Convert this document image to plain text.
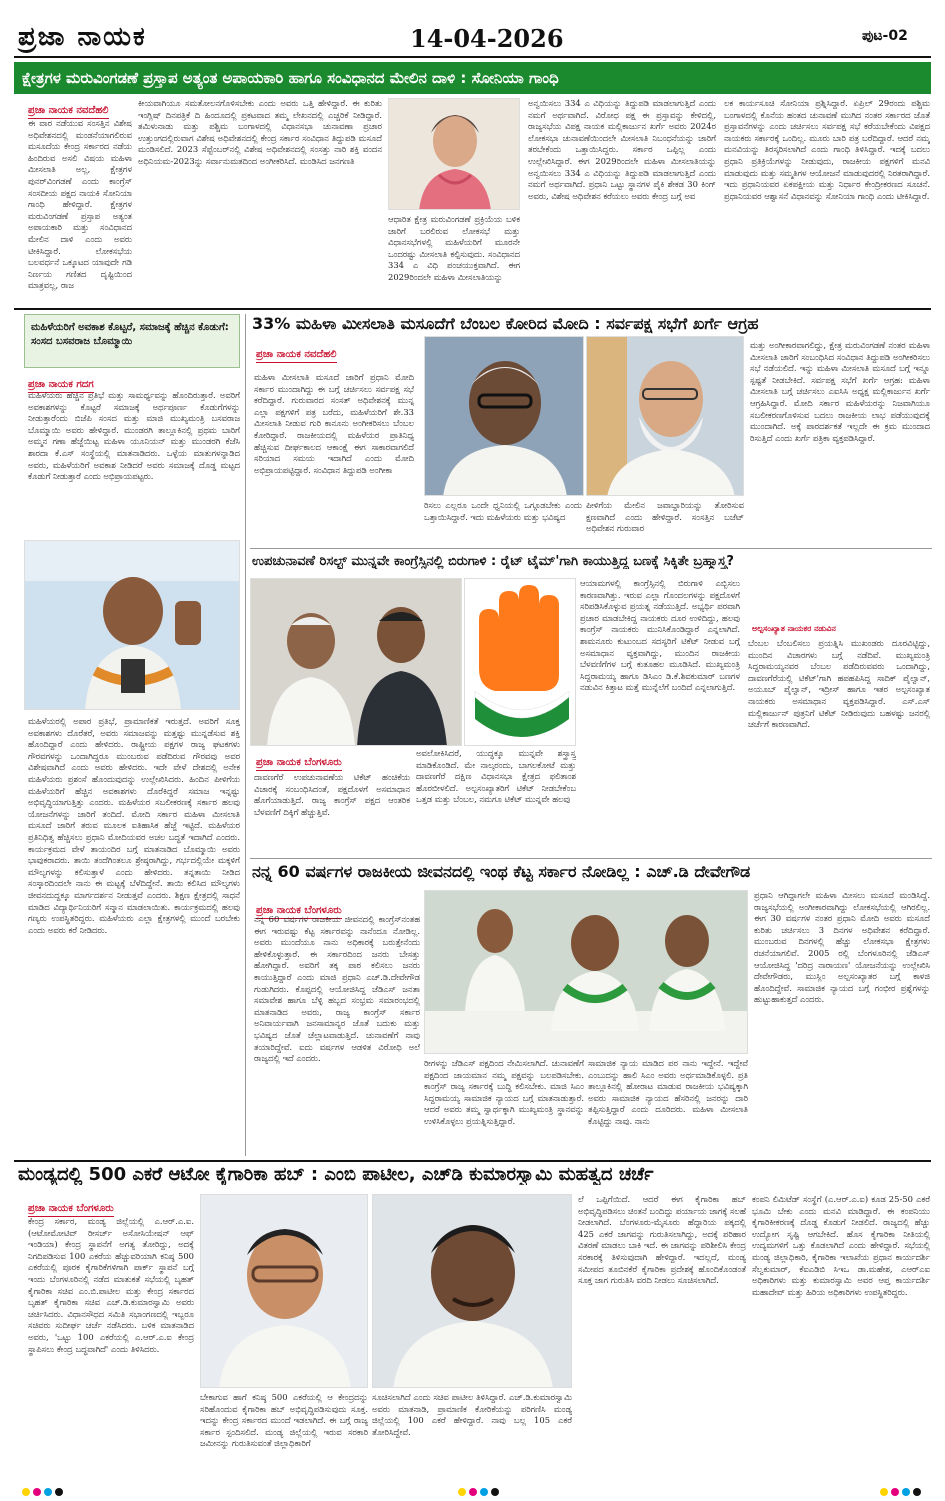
ಪ್ರಜಾ ನಾಯಕ	14-04-2026	ಪುಟ-02
ಕ್ಷೇತ್ರಗಳ ಮರುವಿಂಗಡಣೆ ಪ್ರಸ್ತಾಪ ಅತ್ಯಂತ ಅಪಾಯಕಾರಿ ಹಾಗೂ ಸಂವಿಧಾನದ ಮೇಲಿನ ದಾಳಿ : ಸೋನಿಯಾ ಗಾಂಧಿ
ಪ್ರಜಾ ನಾಯಕ ನವದೆಹಲಿ
ಈ ವಾರ ನಡೆಯುವ ಸಂಸತ್ತಿನ ವಿಶೇಷ ಅಧಿವೇಶನದಲ್ಲಿ ಮಂಡನೆಯಾಗಲಿರುವ ಮಸೂದೆಯ ಕೇಂದ್ರ ಸರ್ಕಾರದ ನಡೆಯ ಹಿಂದಿರುವ ಅಸಲಿ ವಿಷಯ ಮಹಿಳಾ ಮೀಸಲಾತಿ ಅಲ್ಲ, ಕ್ಷೇತ್ರಗಳ ಪುನರ್‌ವಿಂಗಡಣೆ ಎಂದು ಕಾಂಗ್ರೆಸ್ ಸಂಸದೀಯ ಪಕ್ಷದ ನಾಯಕಿ ಸೋನಿಯಾ ಗಾಂಧಿ ಹೇಳಿದ್ದಾರೆ. ಕ್ಷೇತ್ರಗಳ ಮರುವಿಂಗಡಣೆ ಪ್ರಸ್ತಾಪ ಅತ್ಯಂತ ಅಪಾಯಕಾರಿ ಮತ್ತು ಸಂವಿಧಾನದ ಮೇಲಿನ ದಾಳಿ ಎಂದು ಅವರು ಟೀಕಿಸಿದ್ದಾರೆ. ಲೋಕಸಭೆಯ ಬಲವರ್ಧನೆ ಒಕ್ಕೂಟದ ಯಾವುದೇ ಗಡಿ ನಿರ್ಣಯ ಗಣಿತದ ದೃಷ್ಟಿಯಿಂದ ಮಾತ್ರವಲ್ಲ, ರಾಜ
ಕೀಯವಾಗಿಯೂ ಸಮತೋಲನಗೊಳಿಸಬೇಕು ಎಂದು ಅವರು ಒತ್ತಿ ಹೇಳಿದ್ದಾರೆ. ಈ ಕುರಿತು ಇಂಗ್ಲಿಷ್ ದಿನಪತ್ರಿಕೆ ದಿ ಹಿಂದೂದಲ್ಲಿ ಪ್ರಕಟವಾದ ತಮ್ಮ ಲೇಖನದಲ್ಲಿ ಎಚ್ಚರಿಕೆ ನೀಡಿದ್ದಾರೆ. ತಮಿಳುನಾಡು ಮತ್ತು ಪಶ್ಚಿಮ ಬಂಗಾಳದಲ್ಲಿ ವಿಧಾನಸಭಾ ಚುನಾವಣಾ ಪ್ರಚಾರ ಉತ್ತುಂಗದಲ್ಲಿರುವಾಗ ವಿಶೇಷ ಅಧಿವೇಶನದಲ್ಲಿ ಕೇಂದ್ರ ಸರ್ಕಾರ ಸಂವಿಧಾನ ತಿದ್ದುಪಡಿ ಮಸೂದೆ ಮಂಡಿಸಲಿದೆ. 2023 ಸೆಪ್ಟೆಂಬರ್‌ನಲ್ಲಿ ವಿಶೇಷ ಅಧಿವೇಶನದಲ್ಲಿ ಸಂಸತ್ತು ನಾರಿ ಶಕ್ತಿ ವಂದನ ಅಧಿನಿಯಮ-2023ನ್ನು ಸರ್ವಾನುಮತದಿಂದ ಅಂಗೀಕರಿಸಿದೆ. ಮಂಡಿಸಿದ ಜನಗಣತಿ
ಆಧಾರಿತ ಕ್ಷೇತ್ರ ಮರುವಿಂಗಡಣೆ ಪ್ರಕ್ರಿಯೆಯ ಬಳಿಕ ಜಾರಿಗೆ ಬರಲಿರುವ ಲೋಕಸಭೆ ಮತ್ತು ವಿಧಾನಸಭೆಗಳಲ್ಲಿ ಮಹಿಳೆಯರಿಗೆ ಮೂರನೇ ಒಂದರಷ್ಟು ಮೀಸಲಾತಿ ಕಲ್ಪಿಸುವುದು. ಸಂವಿಧಾನದ 334 ಎ ವಿಧಿ ಪಂಚಯುಕ್ತವಾಗಿದೆ. ಈಗ 2029ರಿಂದಲೇ ಮಹಿಳಾ ಮೀಸಲಾತಿಯನ್ನು
ಅನ್ವಯಿಸಲು 334 ಎ ವಿಧಿಯನ್ನು ತಿದ್ದುಪಡಿ ಮಾಡಲಾಗುತ್ತಿದೆ ಎಂದು ನಮಗೆ ಅರ್ಥವಾಗಿದೆ. ವಿರೋಧ ಪಕ್ಷ ಈ ಪ್ರಸ್ತಾವನ್ನು ಕೇಳಿದಲ್ಲಿ, ರಾಜ್ಯಸಭೆಯ ವಿಪಕ್ಷ ನಾಯಕ ಮಲ್ಲಿಕಾರ್ಜುನ ಖರ್ಗೆ ಅವರು 2024ರ ಲೋಕಸಭಾ ಚುನಾವಣೆಯಿಂದಲೇ ಮೀಸಲಾತಿ ನಿಬಂಧನೆಯನ್ನು ಜಾರಿಗೆ ತರಬೇಕೆಂದು ಒತ್ತಾಯಿಸಿದ್ದರು. ಸರ್ಕಾರ ಒಪ್ಪಿಲ್ಲ ಎಂದು ಉಲ್ಲೇಖಿಸಿದ್ದಾರೆ. ಈಗ 2029ರಿಂದಲೇ ಮಹಿಳಾ ಮೀಸಲಾತಿಯನ್ನು ಅನ್ವಯಿಸಲು 334 ಎ ವಿಧಿಯನ್ನು ತಿದ್ದುಪಡಿ ಮಾಡಲಾಗುತ್ತಿದೆ ಎಂದು ನಮಗೆ ಅರ್ಥವಾಗಿದೆ. ಪ್ರಧಾನಿ ಒಟ್ಟು ಸ್ಥಾನಗಳ ಪೈಕಿ ಶೇಕಡ 30 ಕಿಂಗ್ ಅವರು, ವಿಶೇಷ ಅಧಿವೇಶನ ಕರೆಯಲು ಅವರು ಕೇಂದ್ರ ಬಗ್ಗೆ ಅವ
ಲಕ ಕಾರ್ಯಸೂಚಿ ಸೋನಿಯಾ ಪ್ರಶ್ನಿಸಿದ್ದಾರೆ. ಏಪ್ರಿಲ್ 29ರಂದು ಪಶ್ಚಿಮ ಬಂಗಾಳದಲ್ಲಿ ಕೊನೆಯ ಹಂತದ ಚುನಾವಣೆ ಮುಗಿದ ನಂತರ ಸರ್ಕಾರದ ಜೊತೆ ಪ್ರಸ್ತಾವನೆಗಳನ್ನು ಎಂದು ಚರ್ಚಿಸಲು ಸರ್ವಪಕ್ಷ ಸಭೆ ಕರೆಯಬೇಕೆಂದು ವಿಪಕ್ಷದ ನಾಯಕರು ಸರ್ಕಾರಕ್ಕೆ ಒಂದಿಲ್ಲ. ಮೂರು ಬಾರಿ ಪತ್ರ ಬರೆದಿದ್ದಾರೆ. ಆದರೆ ನಮ್ಮ ಮನವಿಯನ್ನು ತಿರಸ್ಕರಿಸಲಾಗಿದೆ ಎಂದು ಗಾಂಧಿ ತಿಳಿಸಿದ್ದಾರೆ. ಇದಕ್ಕೆ ಬದಲು ಪ್ರಧಾನಿ ಪ್ರತಿಕ್ರಿಯೆಗಳನ್ನು ನೀಡುವುದು, ರಾಜಕೀಯ ಪಕ್ಷಗಳಿಗೆ ಮನವಿ ಮಾಡುವುದು ಮತ್ತು ಸಮ್ಮತಿಗಳ ಆಯೋಜನೆ ಮಾಡುವುದರಲ್ಲಿ ನಿರತರಾಗಿದ್ದಾರೆ. ಇದು ಪ್ರಧಾನಿಯವರ ಏಕಪಕ್ಷೀಯ ಮತ್ತು ನಿರ್ಧಾರ ಕೇಂದ್ರೀಕರಣದ ಸೂಚನೆ. ಪ್ರಧಾನಿಯವರ ಆಶ್ವಾಸನೆ ವಿಧಾನವನ್ನು ಸೋನಿಯಾ ಗಾಂಧಿ ಎಂದು ಟೀಕಿಸಿದ್ದಾರೆ.
ಮಹಿಳೆಯರಿಗೆ ಅವಕಾಶ ಕೊಟ್ಟರೆ, ಸಮಾಜಕ್ಕೆ ಹೆಚ್ಚಿನ ಕೊಡುಗೆ: ಸಂಸದ ಬಸವರಾಜ ಬೊಮ್ಮಾಯಿ
ಪ್ರಜಾ ನಾಯಕ ಗದಗ
ಮಹಿಳೆಯರು ಹೆಚ್ಚಿನ ಪ್ರತಿಭೆ ಮತ್ತು ಸಾಮರ್ಥ್ಯವನ್ನು ಹೊಂದಿರುತ್ತಾರೆ. ಅವರಿಗೆ ಅವಕಾಶಗಳನ್ನು ಕೊಟ್ಟರೆ ಸಮಾಜಕ್ಕೆ ಅರ್ಥಪೂರ್ಣ ಕೊಡುಗೆಗಳನ್ನು ನೀಡುತ್ತಾರೆಂದು ಬಿಜೆಪಿ ಸಂಸದ ಮತ್ತು ಮಾಜಿ ಮುಖ್ಯಮಂತ್ರಿ ಬಸವರಾಜ ಬೊಮ್ಮಾಯಿ ಅವರು ಹೇಳಿದ್ದಾರೆ. ಮುಂಡರಗಿ ತಾಲ್ಲೂಕಿನಲ್ಲಿ ಪ್ರಥಮ ಬಾರಿಗೆ ಅಮ್ಮನ ಗಣಾ ಹೆಜ್ಜೆಯಿಟ್ಟ ಮಹಿಳಾ ಯೂನಿಯನ್ ಮತ್ತು ಮುಂಡರಗಿ ಕೆಜೆಸಿ ಶಾರದಾ ಕೆ.ಎಸ್ ಸಂಸ್ಥೆಯಲ್ಲಿ ಮಾತನಾಡಿದರು. ಒಳ್ಳೆಯ ಮಾತುಗಳನ್ನಾಡಿದ ಅವರು, ಮಹಿಳೆಯರಿಗೆ ಅವಕಾಶ ನೀಡಿದರೆ ಅವರು ಸಮಾಜಕ್ಕೆ ದೊಡ್ಡ ಮಟ್ಟದ ಕೊಡುಗೆ ನೀಡುತ್ತಾರೆ ಎಂದು ಅಭಿಪ್ರಾಯಪಟ್ಟರು.
ಮಹಿಳೆಯರಲ್ಲಿ ಅಪಾರ ಪ್ರತಿಭೆ, ಪ್ರಾಮಾಣಿಕತೆ ಇರುತ್ತದೆ. ಅವರಿಗೆ ಸೂಕ್ತ ಅವಕಾಶಗಳು ದೊರೆತರೆ, ಅವರು ಸಮಾಜವನ್ನು ಮತ್ತಷ್ಟು ಮುನ್ನಡೆಸುವ ಶಕ್ತಿ ಹೊಂದಿದ್ದಾರೆ ಎಂದು ಹೇಳಿದರು. ರಾಷ್ಟ್ರೀಯ ಪಕ್ಷಗಳ ರಾಜ್ಯ ಘಟಕಗಳು ಗೌರವಗಳನ್ನು ಒಂದಾಗಿದ್ದರೂ ಮುಂಬರುವ ಪಡೆದಿರುವ ಗೌರವವು ಅವರ ವಿಶೇಷವಾಗಿದೆ ಎಂದು ಅವರು ಹೇಳಿದರು. ಇದೇ ವೇಳೆ ದೇಶದಲ್ಲಿ ಅನೇಕ ಮಹಿಳೆಯರು ಪ್ರಶಂಸೆ ಹೊಂದುವುದನ್ನು ಉಲ್ಲೇಖಿಸಿದರು. ಹಿಂದಿನ ಪೀಳಿಗೆಯ ಮಹಿಳೆಯರಿಗೆ ಹೆಚ್ಚಿನ ಅವಕಾಶಗಳು ದೊರೆಕಿದ್ದರೆ ಸಮಾಜ ಇನ್ನಷ್ಟು ಅಭಿವೃದ್ಧಿಯಾಗುತ್ತಿತ್ತು ಎಂದರು. ಮಹಿಳೆಯರ ಸಬಲೀಕರಣಕ್ಕೆ ಸರ್ಕಾರ ಹಲವು ಯೋಜನೆಗಳನ್ನು ಜಾರಿಗೆ ತಂದಿದೆ. ಮೋದಿ ಸರ್ಕಾರ ಮಹಿಳಾ ಮೀಸಲಾತಿ ಮಸೂದೆ ಜಾರಿಗೆ ತರುವ ಮೂಲಕ ಐತಿಹಾಸಿಕ ಹೆಜ್ಜೆ ಇಟ್ಟಿದೆ. ಮಹಿಳೆಯರ ಪ್ರತಿನಿಧಿತ್ವ ಹೆಚ್ಚಿಸಲು ಪ್ರಧಾನಿ ಮೋದಿಯವರ ಅಚಲ ಬದ್ಧತೆ ಇದಾಗಿದೆ ಎಂದರು. ಕಾರ್ಯಕ್ರಮದ ವೇಳೆ ತಾಯಂದಿರ ಬಗ್ಗೆ ಮಾತನಾಡಿದ ಬೊಮ್ಮಾಯಿ ಅವರು ಭಾವುಕರಾದರು. ತಾಯಿ ತಂದೆಗಿಂತಲೂ ಶ್ರೇಷ್ಠರಾಗಿದ್ದು, ಗರ್ಭದಲ್ಲಿಯೇ ಮಕ್ಕಳಿಗೆ ಮೌಲ್ಯಗಳನ್ನು ಕಲಿಸುತ್ತಾಳೆ ಎಂದು ಹೇಳಿದರು. ತನ್ನತಾಯಿ ನೀಡಿದ ಸಂಸ್ಕಾರದಿಂದಲೇ ನಾನು ಈ ಮಟ್ಟಕ್ಕೆ ಬೆಳೆದಿದ್ದೇನೆ. ತಾಯಿ ಕಲಿಸಿದ ಮೌಲ್ಯಗಳು ಜೀವನದುದ್ದಕ್ಕೂ ಮಾರ್ಗದರ್ಶನ ನೀಡುತ್ತವೆ ಎಂದರು. ಶಿಕ್ಷಣ ಕ್ಷೇತ್ರದಲ್ಲಿ ಸಾಧನೆ ಮಾಡಿದ ವಿದ್ಯಾರ್ಥಿನಿಯರಿಗೆ ಸನ್ಮಾನ ಮಾಡಲಾಯಿತು. ಕಾರ್ಯಕ್ರಮದಲ್ಲಿ ಹಲವು ಗಣ್ಯರು ಉಪಸ್ಥಿತರಿದ್ದರು. ಮಹಿಳೆಯರು ಎಲ್ಲಾ ಕ್ಷೇತ್ರಗಳಲ್ಲಿ ಮುಂದೆ ಬರಬೇಕು ಎಂದು ಅವರು ಕರೆ ನೀಡಿದರು.
33% ಮಹಿಳಾ ಮೀಸಲಾತಿ ಮಸೂದೆಗೆ ಬೆಂಬಲ ಕೋರಿದ ಮೋದಿ : ಸರ್ವಪಕ್ಷ ಸಭೆಗೆ ಖರ್ಗೆ ಆಗ್ರಹ
ಪ್ರಜಾ ನಾಯಕ ನವದೆಹಲಿ
ಮಹಿಳಾ ಮೀಸಲಾತಿ ಮಸೂದೆ ಜಾರಿಗೆ ಪ್ರಧಾನಿ ಮೋದಿ ಸರ್ಕಾರ ಮುಂದಾಗಿದ್ದು ಈ ಬಗ್ಗೆ ಚರ್ಚಿಸಲು ಸರ್ವಪಕ್ಷ ಸಭೆ ಕರೆದಿದ್ದಾರೆ. ಗುರುವಾರದ ಸಂಸತ್ ಅಧಿವೇಶನಕ್ಕೆ ಮುನ್ನ ಎಲ್ಲಾ ಪಕ್ಷಗಳಿಗೆ ಪತ್ರ ಬರೆದು, ಮಹಿಳೆಯರಿಗೆ ಶೇ.33 ಮೀಸಲಾತಿ ನೀಡುವ ಗುರಿ ಕಾನೂನು ಅಂಗೀಕರಿಸಲು ಬೆಂಬಲ ಕೋರಿದ್ದಾರೆ. ರಾಜಕೀಯದಲ್ಲಿ ಮಹಿಳೆಯರ ಪ್ರಾತಿನಿಧ್ಯ ಹೆಚ್ಚಿಸುವ ದೀರ್ಘಕಾಲದ ಆಕಾಂಕ್ಷೆ ಈಗ ಸಾಕಾರವಾಗಲಿದೆ ಸರಿಯಾದ ಸಮಯ ಇದಾಗಿದೆ ಎಂದು ಮೋದಿ ಅಭಿಪ್ರಾಯಪಟ್ಟಿದ್ದಾರೆ. ಸಂವಿಧಾನ ತಿದ್ದುಪಡಿ ಅಂಗೀಕಾ
ರಿಸಲು ಎಲ್ಲರೂ ಒಂದೇ ಧ್ವನಿಯಲ್ಲಿ ಒಗ್ಗೂಡಬೇಕು ಎಂದು ಒತ್ತಾಯಿಸಿದ್ದಾರೆ. ಇದು ಮಹಿಳೆಯರು ಮತ್ತು ಭವಿಷ್ಯದ
ಪೀಳಿಗೆಯ ಮೇಲಿನ ಜವಾಬ್ದಾರಿಯನ್ನು ತೋರಿಸುವ ಕ್ಷಣವಾಗಿದೆ ಎಂದು ಹೇಳಿದ್ದಾರೆ. ಸಂಸತ್ತಿನ ಬಜೆಟ್ ಅಧಿವೇಶನ ಗುರುವಾರ
ಮತ್ತು ಅಂಗೀಕಾರವಾಗಲಿದ್ದು, ಕ್ಷೇತ್ರ ಮರುವಿಂಗಡಣೆ ನಂತರ ಮಹಿಳಾ ಮೀಸಲಾತಿ ಜಾರಿಗೆ ಸಂಬಂಧಿಸಿದ ಸಂವಿಧಾನ ತಿದ್ದುಪಡಿ ಅಂಗೀಕರಿಸಲು ಸಭೆ ನಡೆಯಲಿದೆ. ಇನ್ನು ಮಹಿಳಾ ಮೀಸಲಾತಿ ಮಸೂದೆ ಬಗ್ಗೆ ಇನ್ನೂ ಸ್ಪಷ್ಟತೆ ನೀಡಬೇಕಿದೆ. ಸರ್ವಪಕ್ಷ ಸಭೆಗೆ ಖರ್ಗೆ ಆಗ್ರಹ: ಮಹಿಳಾ ಮೀಸಲಾತಿ ಬಗ್ಗೆ ಚರ್ಚಿಸಲು ಎಐಸಿಸಿ ಅಧ್ಯಕ್ಷ ಮಲ್ಲಿಕಾರ್ಜುನ ಖರ್ಗೆ ಆಗ್ರಹಿಸಿದ್ದಾರೆ. ಮೋದಿ ಸರ್ಕಾರ ಮಹಿಳೆಯರನ್ನು ನಿಜವಾಗಿಯೂ ಸಬಲೀಕರಣಗೊಳಿಸುವ ಬದಲು ರಾಜಕೀಯ ಲಾಭ ಪಡೆಯುವುದಕ್ಕೆ ಮುಂದಾಗಿದೆ. ಅಕ್ಕೆ ಪಾರದರ್ಶಕತೆ ಇಲ್ಲದೇ ಈ ಕ್ರಮ ಮುಂದಾದ ರಿಸುತ್ತಿದೆ ಎಂದು ಖರ್ಗೆ ಪತ್ರಿಕಾ ವ್ಯಕ್ತಪಡಿಸಿದ್ದಾರೆ.
ಉಪಚುನಾವಣೆ ರಿಸಲ್ಟ್ ಮುನ್ನವೇ ಕಾಂಗ್ರೆಸ್ಸಿನಲ್ಲಿ ಬಿರುಗಾಳಿ : ರೈಟ್ ಟೈಮ್'ಗಾಗಿ ಕಾಯುತ್ತಿದ್ದ ಬಣಕ್ಕೆ ಸಿಕ್ಕಿತೇ ಬ್ರಹ್ಮಾಸ್ತ್ರ?
ಪ್ರಜಾ ನಾಯಕ ಬೆಂಗಳೂರು
ದಾವಣಗೆರೆ ಉಪಚುನಾವಣೆಯ ಟಿಕೆಟ್ ಹಂಚಿಕೆಯ ವಿಚಾರಕ್ಕೆ ಸಂಬಂಧಿಸಿದಂತೆ, ಪಕ್ಷದೊಳಗೆ ಅಸಮಾಧಾನ ಹೊಗೆಯಾಡುತ್ತಿದೆ. ರಾಜ್ಯ ಕಾಂಗ್ರೆಸ್ ಪಕ್ಷದ ಆಂತರಿಕ ಬೆಳವಣಿಗೆ ದಿಕ್ಕಿಗೆ ಹೆಚ್ಚುತ್ತಿವೆ.
ಅವಲೋಕಿಸಿದರೆ, ಯುದ್ಧಕ್ಕೂ ಮುನ್ನವೇ ಶಸ್ತ್ರಾಸ್ತ್ರ ಮಾಡಿಕೊಂಡಿದೆ. ಮೇ ನಾಲ್ಕರಂದು, ಬಾಗಲಕೋಟೆ ಮತ್ತು ದಾವಣಗೆರೆ ದಕ್ಷಿಣ ವಿಧಾನಸಭಾ ಕ್ಷೇತ್ರದ ಫಲಿತಾಂಶ ಹೊರಬೀಳಲಿದೆ. ಅಲ್ಪಸಂಖ್ಯಾತರಿಗೆ ಟಿಕೆಟ್ ನೀಡಬೇಕೆಂಬ ಒತ್ತಡ ಮತ್ತು ಬೆಂಬಲ, ನಮಗೂ ಟಿಕೆಟ್ ಮುನ್ನವೇ ಹಲವು
ಆಯಾಮಗಳಲ್ಲಿ ಕಾಂಗ್ರೆಸ್ಸಿನಲ್ಲಿ ಬಿರುಗಾಳಿ ಎಬ್ಬಿಸಲು ಕಾರಣವಾಗಿತ್ತು. ಇರುವ ಎಲ್ಲಾ ಗೊಂದಲಗಳನ್ನು ಪಕ್ಷದೊಳಗೆ ಸರಿಪಡಿಸಿಕೊಳ್ಳುವ ಪ್ರಯತ್ನ ನಡೆಯುತ್ತಿದೆ. ಅಭ್ಯರ್ಥಿ ಪರವಾಗಿ ಪ್ರಚಾರ ಮಾಡಬೇಕಿದ್ದ ನಾಯಕರು ದೂರ ಉಳಿದಿದ್ದು, ಹಲವು ಕಾಂಗ್ರೆಸ್ ನಾಯಕರು ಮುನಿಸಿಕೊಂಡಿದ್ದಾರೆ ಎನ್ನಲಾಗಿದೆ. ಶಾಮನೂರು ಕುಟುಂಬದ ಸದಸ್ಯರಿಗೆ ಟಿಕೆಟ್ ನೀಡುವ ಬಗ್ಗೆ ಅಸಮಾಧಾನ ವ್ಯಕ್ತವಾಗಿದ್ದು, ಮುಂದಿನ ರಾಜಕೀಯ ಬೆಳವಣಿಗೆಗಳ ಬಗ್ಗೆ ಕುತೂಹಲ ಮೂಡಿಸಿದೆ. ಮುಖ್ಯಮಂತ್ರಿ ಸಿದ್ದರಾಮಯ್ಯ ಹಾಗೂ ಡಿಸಿಎಂ ಡಿ.ಕೆ.ಶಿವಕುಮಾರ್ ಬಣಗಳ ನಡುವಿನ ಕಿತ್ತಾಟ ಮತ್ತೆ ಮುನ್ನೆಲೆಗೆ ಬಂದಿದೆ ಎನ್ನಲಾಗುತ್ತಿದೆ.
ಅಲ್ಪಸಂಖ್ಯಾತ ನಾಯಕರ ನಡುವಿನ
ಬೆಂಬಲ ಬೆಂಬಲಿಸಲು ಪ್ರಯತ್ನಿಸಿ ಮುಖಂಡರು ದೂರವಿಟ್ಟಿದ್ದು, ಮುಂದಿನ ವಿಚಾರಗಳು ಬಗ್ಗೆ ನಡೆದಿವೆ. ಮುಖ್ಯಮಂತ್ರಿ ಸಿದ್ದರಾಮಯ್ಯನವರ ಬೆಂಬಲ ಪಡೆದಿರುವವರು ಒಂದಾಗಿದ್ದು, ದಾವಣಗೆರೆಯಲ್ಲಿ ಟಿಕೆಟ್'ಗಾಗಿ ಹಪಹಪಿಸಿದ್ದ ಸಾದಿಕ್ ಪೈಲ್ವಾನ್, ಅಯೂಬ್ ಪೈಲ್ವಾನ್, ಇದ್ರೀಸ್ ಹಾಗೂ ಇತರ ಅಲ್ಪಸಂಖ್ಯಾತ ನಾಯಕರು ಅಸಮಾಧಾನ ವ್ಯಕ್ತಪಡಿಸಿದ್ದಾರೆ. ಎಸ್.ಎಸ್ ಮಲ್ಲಿಕಾರ್ಜುನ್ ಪುತ್ರನಿಗೆ ಟಿಕೆಟ್ ನೀಡಿರುವುದು ಬಹಳಷ್ಟು ಜನರಲ್ಲಿ ಚರ್ಚೆಗೆ ಕಾರಣವಾಗಿದೆ.
ನನ್ನ 60 ವರ್ಷಗಳ ರಾಜಕೀಯ ಜೀವನದಲ್ಲಿ ಇಂಥ ಕೆಟ್ಟ ಸರ್ಕಾರ ನೋಡಿಲ್ಲ : ಎಚ್.ಡಿ ದೇವೇಗೌಡ
ಪ್ರಜಾ ನಾಯಕ ಬೆಂಗಳೂರು
ನನ್ನ 60 ವರ್ಷಗಳ ರಾಜಕೀಯ ಜೀವನದಲ್ಲಿ ಕಾಂಗ್ರೆಸ್‌ನಂತಹ ಈಗ ಇರುವಷ್ಟು ಕೆಟ್ಟ ಸರ್ಕಾರವನ್ನು ನಾನೆಂದೂ ನೋಡಿಲ್ಲ. ಅವರು ಮುಂದೆಯೂ ನಾನು ಅಧಿಕಾರಕ್ಕೆ ಬರುತ್ತೇನೆಂದು ಹೇಳಿಕೊಳ್ಳುತ್ತಾರೆ. ಈ ಸರ್ಕಾರದಿಂದ ಜನರು ಬೇಸತ್ತು ಹೋಗಿದ್ದಾರೆ. ಅವರಿಗೆ ತಕ್ಕ ಪಾಠ ಕಲಿಸಲು ಜನರು ಕಾಯುತ್ತಿದ್ದಾರೆ ಎಂದು ಮಾಜಿ ಪ್ರಧಾನಿ ಎಚ್.ಡಿ.ದೇವೇಗೌಡ ಗುಡುಗಿದರು. ಕೊಪ್ಪದಲ್ಲಿ ಆಯೋಜಿಸಿದ್ದ ಜೆಡಿಎಸ್ ಜನತಾ ಸಮಾವೇಶ ಹಾಗೂ ಬೆಳ್ಳಿ ಹಬ್ಬದ ಸಂಭ್ರಮ ಸಮಾರಂಭದಲ್ಲಿ ಮಾತನಾಡಿದ ಅವರು, ರಾಜ್ಯ ಕಾಂಗ್ರೆಸ್ ಸರ್ಕಾರ ಅನಿವಾರ್ಯವಾಗಿ ಜನಸಾಮಾನ್ಯರ ಜೊತೆ ಬದುಕು ಮತ್ತು ಭವಿಷ್ಯದ ಜೊತೆ ಚೆಲ್ಲಾಟವಾಡುತ್ತಿದೆ. ಚುನಾವಣೆಗೆ ನಾವು ತಯಾರಿದ್ದೇವೆ. ಐದು ವರ್ಷಗಳ ಆಡಳಿತ ವಿರೋಧಿ ಅಲೆ ರಾಜ್ಯದಲ್ಲಿ ಇದೆ ಎಂದರು.	ರೀಗಳನ್ನು ಜೆಡಿಎಸ್ ಪಕ್ಷದಿಂದ ನೇಮಿಸಲಾಗಿದೆ. ಚುನಾವಣೆಗೆ ಪಕ್ಷದಿಂದ ಜಾಯಮಾನ ನಮ್ಮ ಪಕ್ಷವನ್ನು ಬಲಪಡಿಸಬೇಕು. ಕಾಂಗ್ರೆಸ್ ರಾಜ್ಯ ಸರ್ಕಾರಕ್ಕೆ ಬುದ್ಧಿ ಕಲಿಸಬೇಕು. ಮಾಜಿ ಸಿಎಂ ಸಿದ್ದರಾಮಯ್ಯ ಸಾಮಾಜಿಕ ನ್ಯಾಯದ ಬಗ್ಗೆ ಮಾತನಾಡುತ್ತಾರೆ. ಆದರೆ ಅವರು ತಮ್ಮ ಸ್ವಾರ್ಥಕ್ಕಾಗಿ ಮುಖ್ಯಮಂತ್ರಿ ಸ್ಥಾನವನ್ನು ಉಳಿಸಿಕೊಳ್ಳಲು ಪ್ರಯತ್ನಿಸುತ್ತಿದ್ದಾರೆ.
ಸಾಮಾಜಿಕ ನ್ಯಾಯ ಮಾಡಿದ ಪರ ನಾನು ಇದ್ದೇನೆ. ಇದ್ದೇವೆ ಎಂಬುದನ್ನು ಹಾಲಿ ಸಿಎಂ ಅವರು ಅರ್ಥಮಾಡಿಕೊಳ್ಳಲಿ. ಪ್ರತಿ ತಾಲ್ಲೂಕಿನಲ್ಲಿ ಹೋರಾಟ ಮಾಡುವ ರಾಜಕೀಯ ಭವಿಷ್ಯಕ್ಕಾಗಿ ಅವರು ಸಾಮಾಜಿಕ ನ್ಯಾಯದ ಹೆಸರಿನಲ್ಲಿ ಜನರನ್ನು ದಾರಿ ತಪ್ಪಿಸುತ್ತಿದ್ದಾರೆ ಎಂದು ದೂರಿದರು. ಮಹಿಳಾ ಮೀಸಲಾತಿ ಕೊಟ್ಟಿದ್ದು ನಾವು. ನಾನು
ಪ್ರಧಾನಿ ಆಗಿದ್ದಾಗಲೇ ಮಹಿಳಾ ಮೀಸಲು ಮಸೂದೆ ಮಂಡಿಸಿದ್ದೆ. ರಾಜ್ಯಸಭೆಯಲ್ಲಿ ಅಂಗೀಕಾರವಾಗಿದ್ದು ಲೋಕಸಭೆಯಲ್ಲಿ ಆಗಿರಲಿಲ್ಲ. ಈಗ 30 ವರ್ಷಗಳ ನಂತರ ಪ್ರಧಾನಿ ಮೋದಿ ಅವರು ಮಸೂದೆ ಕುರಿತು ಚರ್ಚಿಸಲು 3 ದಿನಗಳ ಅಧಿವೇಶನ ಕರೆದಿದ್ದಾರೆ. ಮುಂಬರುವ ದಿನಗಳಲ್ಲಿ ಹೆಚ್ಚು ಲೋಕಸಭಾ ಕ್ಷೇತ್ರಗಳು ರಚನೆಯಾಗಲಿವೆ. 2005 ರಲ್ಲಿ ಬೆಂಗಳೂರಿನಲ್ಲಿ ಜೆಡಿಎಸ್ ಆಯೋಜಿಸಿದ್ದ 'ದರಿದ್ರ ನಾರಾಯಣ' ಯೋಜನೆಯನ್ನು ಉಲ್ಲೇಖಿಸಿ ದೇವೇಗೌಡರು, ಮುಸ್ಲಿಂ ಅಲ್ಪಸಂಖ್ಯಾತರ ಬಗ್ಗೆ ಕಾಳಜಿ ಹೊಂದಿದ್ದೇವೆ. ಸಾಮಾಜಿಕ ನ್ಯಾಯದ ಬಗ್ಗೆ ಗಂಭೀರ ಪ್ರಶ್ನೆಗಳನ್ನು ಹುಟ್ಟುಹಾಕುತ್ತದೆ ಎಂದರು.
ಮಂಡ್ಯದಲ್ಲಿ 500 ಎಕರೆ ಆಟೋ ಕೈಗಾರಿಕಾ ಹಬ್ : ಎಂಬಿ ಪಾಟೀಲ, ಎಚ್‌ಡಿ ಕುಮಾರಸ್ವಾಮಿ ಮಹತ್ವದ ಚರ್ಚೆ
ಪ್ರಜಾ ನಾಯಕ ಬೆಂಗಳೂರು
ಕೇಂದ್ರ ಸರ್ಕಾರ, ಮಂಡ್ಯ ಜಿಲ್ಲೆಯಲ್ಲಿ ಎ.ಆರ್.ಎ.ಐ. (ಆಟೋಮೋಟಿವ್ ರೀಸರ್ಚ್ ಅಸೋಸಿಯೇಷನ್ ಆಫ್ ಇಂಡಿಯಾ) ಕೇಂದ್ರ ಸ್ಥಾಪನೆಗೆ ಅಗತ್ಯ ತೋರಿದ್ದು, ಅದಕ್ಕೆ ನಿಗದಿಪಡಿಸುವ 100 ಎಕರೆಯ ಹೆಚ್ಚುವರಿಯಾಗಿ ಕನಿಷ್ಠ 500 ಎಕರೆಯಲ್ಲಿ ಪೂರಕ ಕೈಗಾರಿಕೆಗಳಿಗಾಗಿ ಪಾರ್ಕ್ ಸ್ಥಾಪನೆ ಬಗ್ಗೆ ಇಂದು ಬೆಂಗಳೂರಿನಲ್ಲಿ ನಡೆದ ಮಾತುಕತೆ ಸಭೆಯಲ್ಲಿ ಬೃಹತ್ ಕೈಗಾರಿಕಾ ಸಚಿವ ಎಂ.ಬಿ.ಪಾಟೀಲ ಮತ್ತು ಕೇಂದ್ರ ಸರ್ಕಾರದ ಬೃಹತ್ ಕೈಗಾರಿಕಾ ಸಚಿವ ಎಚ್.ಡಿ.ಕುಮಾರಸ್ವಾಮಿ ಅವರು ಚರ್ಚಿಸಿದರು. ವಿಧಾನಸೌಧದ ಸಮಿತಿ ಸಭಾಂಗಣದಲ್ಲಿ ಇಬ್ಬರೂ ಸಚಿವರು ಸುದೀರ್ಘ ಚರ್ಚೆ ನಡೆಸಿದರು. ಬಳಿಕ ಮಾತನಾಡಿದ ಅವರು, 'ಒಟ್ಟು 100 ಎಕರೆಯಲ್ಲಿ ಎ.ಆರ್.ಎ.ಐ ಕೇಂದ್ರ ಸ್ಥಾಪಿಸಲು ಕೇಂದ್ರ ಬದ್ಧವಾಗಿದೆ' ಎಂದು ತಿಳಿಸಿದರು.
ಬೇಕಾಗುವ ಹಾಗೆ ಕನಿಷ್ಠ 500 ಎಕರೆಯಲ್ಲಿ ಆ ಕೇಂದ್ರದನ್ನು ಸರಿಹೊಂದುವ ಕೈಗಾರಿಕಾ ಹಬ್ ಅಭಿವೃದ್ಧಿಪಡಿಸುವುದು ಸೂಕ್ತ. ಇದನ್ನು ಕೇಂದ್ರ ಸರ್ಕಾರದ ಮುಂದೆ ಇಡಲಾಗಿದೆ. ಈ ಬಗ್ಗೆ ರಾಜ್ಯ ಸರ್ಕಾರ ಸ್ಪಂದಿಸಲಿದೆ. ಮಂಡ್ಯ ಜಿಲ್ಲೆಯಲ್ಲಿ ಇರುವ ಸರಕಾರಿ ಜಮೀನನ್ನು ಗುರುತಿಸುವಂತೆ ಜಿಲ್ಲಾಧಿಕಾರಿಗೆ
ಸೂಚಿಸಲಾಗಿದೆ ಎಂದು ಸಚಿವ ಪಾಟೀಲ ತಿಳಿಸಿದ್ದಾರೆ. ಎಚ್.ಡಿ.ಕುಮಾರಸ್ವಾಮಿ ಅವರು ಮಾತನಾಡಿ, ಪ್ರಾಮಾಣಿಕ ಕೋರಿಕೆಯನ್ನು ಪರಿಗಣಿಸಿ ಮಂಡ್ಯ ಜಿಲ್ಲೆಯಲ್ಲಿ 100 ಎಕರೆ ಹೇಳಿದ್ದಾರೆ. ನಾವು ಬಲ್ಲ 105 ಎಕರೆ ತೋರಿಸಿದ್ದೇವೆ.
ಲೆ ಒಪ್ಪಿಗೆಯಿದೆ. ಆದರೆ ಈಗ ಕೈಗಾರಿಕಾ ಹಬ್ ಅಭಿವೃದ್ಧಿಪಡಿಸಲು ಚಿಂತನೆ ಬಂದಿದ್ದು ಪರ್ಯಾಯ ಜಾಗಕ್ಕೆ ಸಲಹೆ ನೀಡಲಾಗಿದೆ. ಬೆಂಗಳೂರು-ಮೈಸೂರು ಹೆದ್ದಾರಿಯ ಪಕ್ಕದಲ್ಲಿ 425 ಎಕರೆ ಜಾಗವನ್ನು ಗುರುತಿಸಲಾಗಿದ್ದು, ಅದಕ್ಕೆ ಪರಿಹಾರ ವಿತರಣೆ ಮಾಡಲು ಬಾಕಿ ಇದೆ. ಈ ಜಾಗವನ್ನು ಪರಿಶೀಲಿಸಿ ಕೇಂದ್ರ ಸರಕಾರಕ್ಕೆ ತಿಳಿಸುವುದಾಗಿ ಹೇಳಿದ್ದಾರೆ. ಇದಲ್ಲದೆ, ಮಂಡ್ಯ ಸಮೀಪದ ತೂಬಿನಕೆರೆ ಕೈಗಾರಿಕಾ ಪ್ರದೇಶಕ್ಕೆ ಹೊಂದಿಕೊಂಡಂತೆ ಸೂಕ್ತ ಜಾಗ ಗುರುತಿಸಿ ವರದಿ ನೀಡಲು ಸೂಚಿಸಲಾಗಿದೆ.
ಕಂಪನಿ ಲಿಮಿಟೆಡ್ ಸಂಸ್ಥೆಗೆ (ಎ.ಆರ್.ಎ.ಐ) ಕೂಡ 25-50 ಎಕರೆ ಭೂಮಿ ಬೇಕು ಎಂದು ಮನವಿ ಮಾಡಿದ್ದಾರೆ. ಈ ಕಂಪನಿಯು ಕೈಗಾರಿಕೀಕರಣಕ್ಕೆ ದೊಡ್ಡ ಕೊಡುಗೆ ನೀಡಲಿದೆ. ರಾಜ್ಯದಲ್ಲಿ ಹೆಚ್ಚು ಉದ್ಯೋಗ ಸೃಷ್ಟಿ ಆಗಬೇಕಿದೆ. ಹೊಸ ಕೈಗಾರಿಕಾ ನೀತಿಯಲ್ಲಿ ಉದ್ಯಮಗಳಿಗೆ ಒತ್ತು ಕೊಡಲಾಗಿದೆ ಎಂದು ಹೇಳಿದ್ದಾರೆ. ಸಭೆಯಲ್ಲಿ ಮಂಡ್ಯ ಜಿಲ್ಲಾಧಿಕಾರಿ, ಕೈಗಾರಿಕಾ ಇಲಾಖೆಯ ಪ್ರಧಾನ ಕಾರ್ಯದರ್ಶಿ ಸೆಲ್ವಕುಮಾರ್, ಕೆಐಎಡಿಬಿ ಸಿಇಒ ಡಾ.ಮಹೇಶ, ಎಆರ್‌ಎಐ ಅಧಿಕಾರಿಗಳು ಮತ್ತು ಕುಮಾರಸ್ವಾಮಿ ಅವರ ಆಪ್ತ ಕಾರ್ಯದರ್ಶಿ ಮಹಾದೇವ್ ಮತ್ತು ಹಿರಿಯ ಅಧಿಕಾರಿಗಳು ಉಪಸ್ಥಿತರಿದ್ದರು.
